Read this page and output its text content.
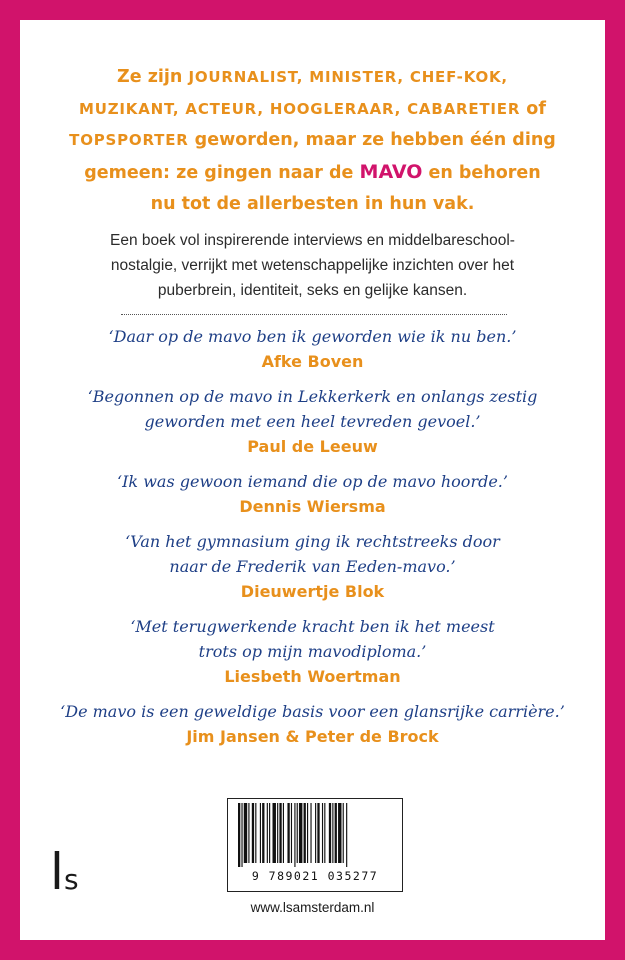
Ze zijn JOURNALIST, MINISTER, CHEF-KOK,
MUZIKANT, ACTEUR, HOOGLERAAR, CABARETIER of
TOPSPORTER geworden, maar ze hebben één ding
gemeen: ze gingen naar de MAVO en behoren
nu tot de allerbesten in hun vak.
Een boek vol inspirerende interviews en middelbareschool-
nostalgie, verrijkt met wetenschappelijke inzichten over het
puberbrein, identiteit, seks en gelijke kansen.
‘Daar op de mavo ben ik geworden wie ik nu ben.’
Afke Boven
‘Begonnen op de mavo in Lekkerkerk en onlangs zestig
geworden met een heel tevreden gevoel.’
Paul de Leeuw
‘Ik was gewoon iemand die op de mavo hoorde.’
Dennis Wiersma
‘Van het gymnasium ging ik rechtstreeks door
naar de Frederik van Eeden-mavo.’
Dieuwertje Blok
‘Met terugwerkende kracht ben ik het meest
trots op mijn mavodiploma.’
Liesbeth Woertman
‘De mavo is een geweldige basis voor een glansrijke carrière.’
Jim Jansen & Peter de Brock
9 789021 035277
l s
www.lsamsterdam.nl
